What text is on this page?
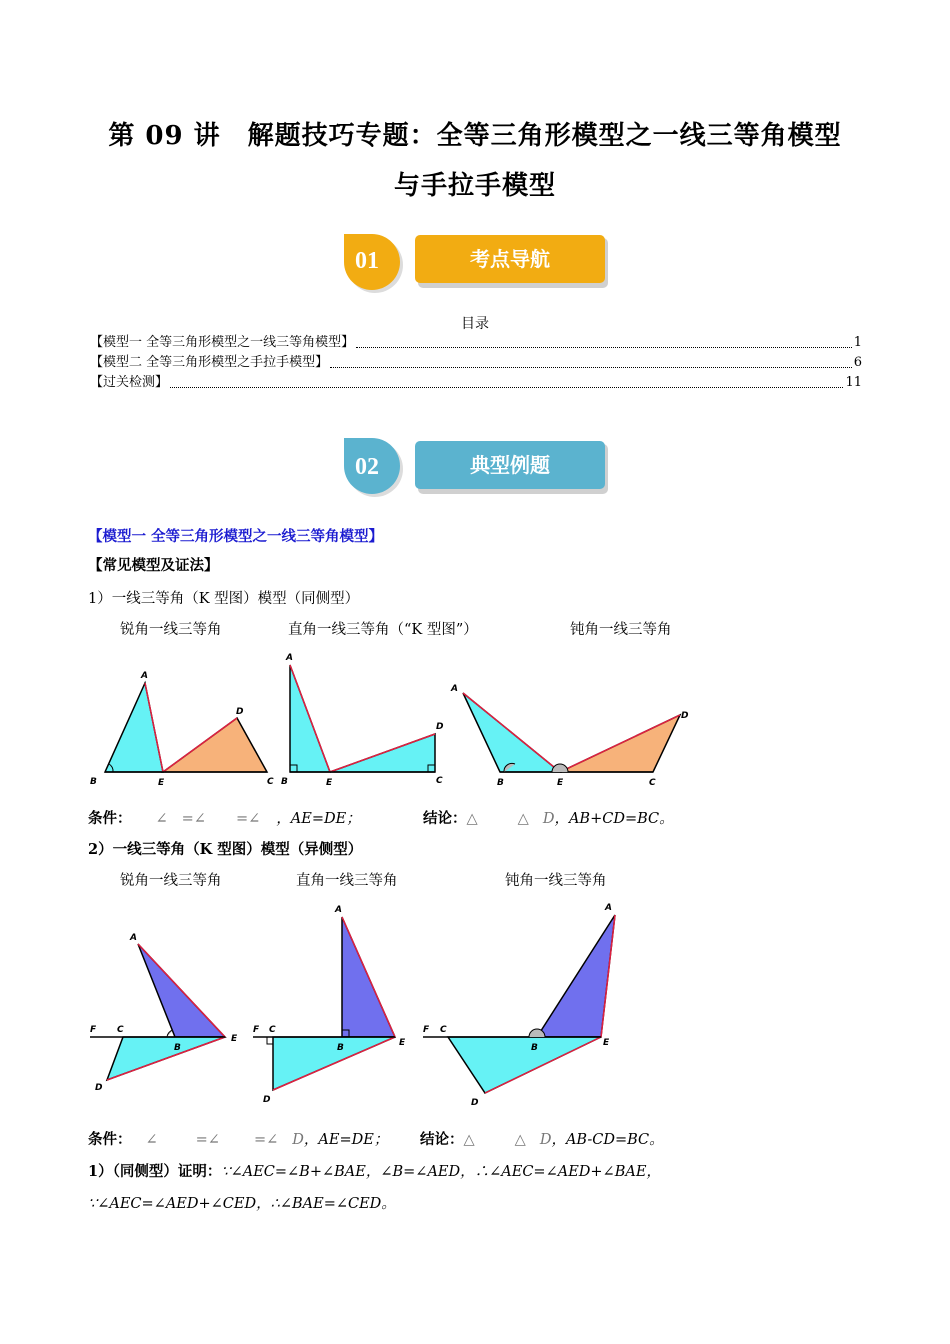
第 09 讲　解题技巧专题：全等三角形模型之一线三等角模型
与手拉手模型
01	考点导航
目录
【模型一 全等三角形模型之一线三等角模型】	1
【模型二 全等三角形模型之手拉手模型】	6
【过关检测】	11
02	典型例题
【模型一 全等三角形模型之一线三等角模型】
【常见模型及证法】
1）一线三等角（K 型图）模型（同侧型）
锐角一线三等角	直角一线三等角（“K 型图”）	钝角一线三等角
A
B	E
D
C
A
B	E
D
C
A
B	E
D
C
条件： ∠ =∠ =∠ ，AE=DE；	结论：△	△ D，AB+CD=BC。
2）一线三等角（K 型图）模型（异侧型）
锐角一线三等角	直角一线三等角	钝角一线三等角
A
F C
B
E
D
A
F C
B	E
D
A
F C
B	E
D
条件： ∠	=∠ =∠ D，AE=DE； 结论：△	△ D，AB-CD=BC。
1）（同侧型）证明：∵∠AEC=∠B+∠BAE，∠B=∠AED，∴∠AEC=∠AED+∠BAE，
∵∠AEC=∠AED+∠CED，∴∠BAE=∠CED。
